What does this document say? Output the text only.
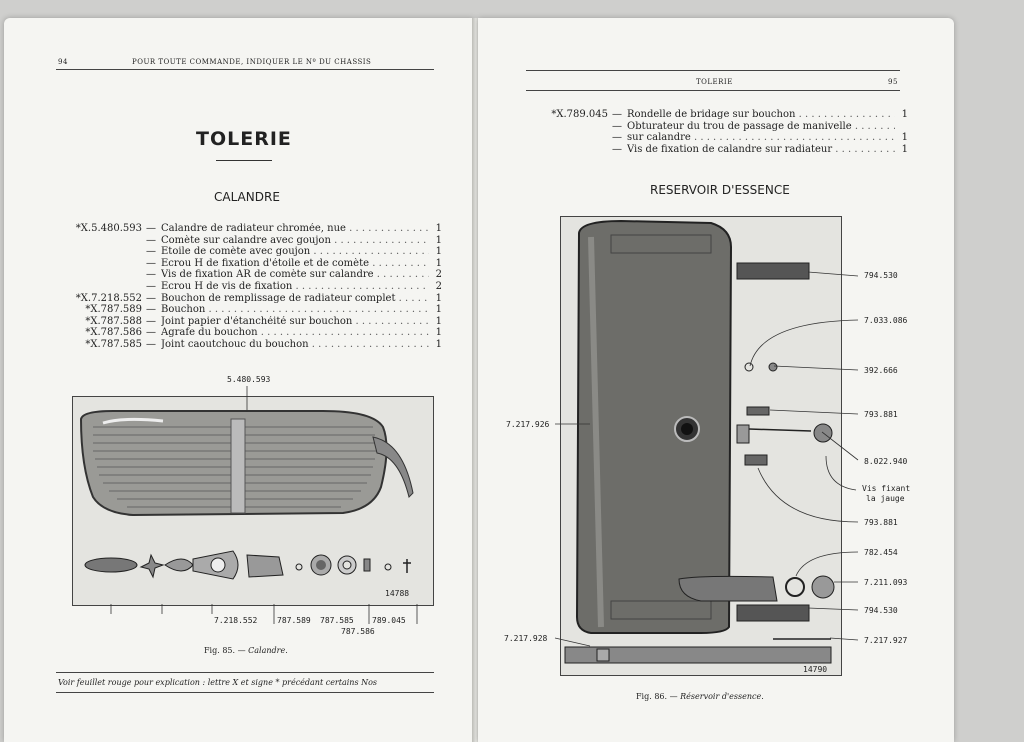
94	POUR TOUTE COMMANDE, INDIQUER LE Nº DU CHASSIS
TOLERIE
CALANDRE
*X.5.480.593 — Calandre de radiateur chromée, nue . . .	1
— Comète sur calandre avec goujon . . .	1
— Etoile de comète avec goujon . . .	1
— Ecrou H de fixation d'étoile et de comète . . .	1
— Vis de fixation AR de comète sur calandre . . .	2
— Ecrou H de vis de fixation . . .	2
*X.7.218.552 — Bouchon de remplissage de radiateur complet . . .	1
*X.787.589 — Bouchon . . .	1
*X.787.588 — Joint papier d'étanchéité sur bouchon . . .	1
*X.787.586 — Agrafe du bouchon . . .	1
*X.787.585 — Joint caoutchouc du bouchon . . .	1
5.480.593
14788
7.218.552 787.589 787.585
787.586
789.045
Fig. 85. — Calandre.
Voir feuillet rouge pour explication : lettre X et signe * précédant certains Nos
TOLERIE	95
*X.789.045 — Rondelle de bridage sur bouchon . . .	1
— Obturateur du trou de passage de manivelle . . .
— sur calandre . . .	1
— Vis de fixation de calandre sur radiateur . . .	1
RESERVOIR D'ESSENCE
14790
794.530
7.033.086
392.666
793.881
8.022.940
Vis fixant
la jauge
793.881
782.454
7.211.093
794.530
7.217.927
7.217.926
7.217.928
Fig. 86. — Réservoir d'essence.
